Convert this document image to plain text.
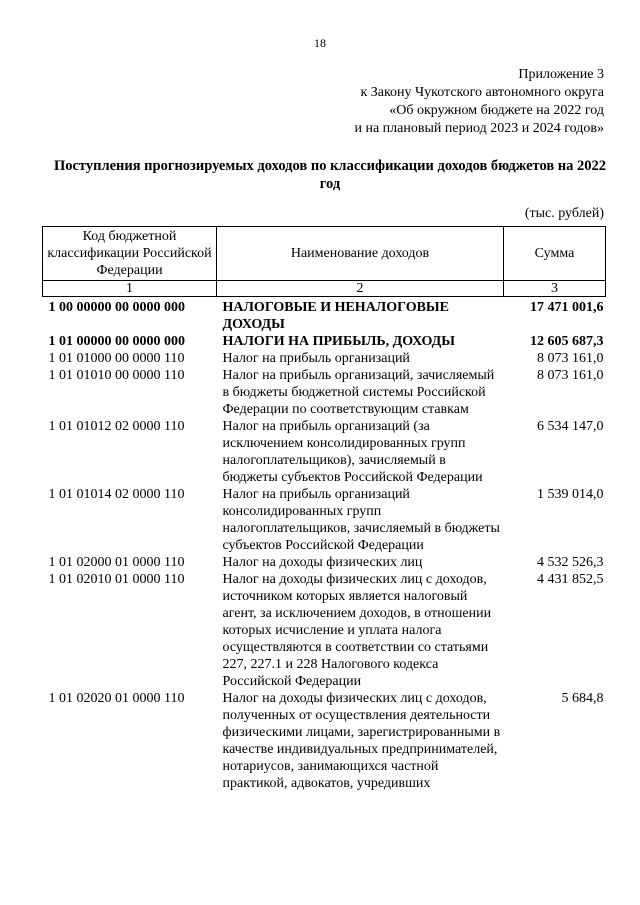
18
Приложение 3
к Закону Чукотского автономного округа
«Об окружном бюджете на 2022 год
и на плановый период 2023 и 2024 годов»
Поступления прогнозируемых доходов по классификации доходов бюджетов на 2022 год
(тыс. рублей)
Код бюджетной классификации Российской Федерации	Наименование доходов	Сумма
1	2	3
1 00 00000 00 0000 000	НАЛОГОВЫЕ И НЕНАЛОГОВЫЕ ДОХОДЫ	17 471 001,6
1 01 00000 00 0000 000	НАЛОГИ НА ПРИБЫЛЬ, ДОХОДЫ	12 605 687,3
1 01 01000 00 0000 110	Налог на прибыль организаций	8 073 161,0
1 01 01010 00 0000 110	Налог на прибыль организаций, зачисляемый в бюджеты бюджетной системы Российской Федерации по соответствующим ставкам	8 073 161,0
1 01 01012 02 0000 110	Налог на прибыль организаций (за исключением консолидированных групп налогоплательщиков), зачисляемый в бюджеты субъектов Российской Федерации	6 534 147,0
1 01 01014 02 0000 110	Налог на прибыль организаций консолидированных групп налогоплательщиков, зачисляемый в бюджеты субъектов Российской Федерации	1 539 014,0
1 01 02000 01 0000 110	Налог на доходы физических лиц	4 532 526,3
1 01 02010 01 0000 110	Налог на доходы физических лиц с доходов, источником которых является налоговый агент, за исключением доходов, в отношении которых исчисление и уплата налога осуществляются в соответствии со статьями 227, 227.1 и 228 Налогового кодекса Российской Федерации	4 431 852,5
1 01 02020 01 0000 110	Налог на доходы физических лиц с доходов, полученных от осуществления деятельности физическими лицами, зарегистрированными в качестве индивидуальных предпринимателей, нотариусов, занимающихся частной практикой, адвокатов, учредивших	5 684,8
